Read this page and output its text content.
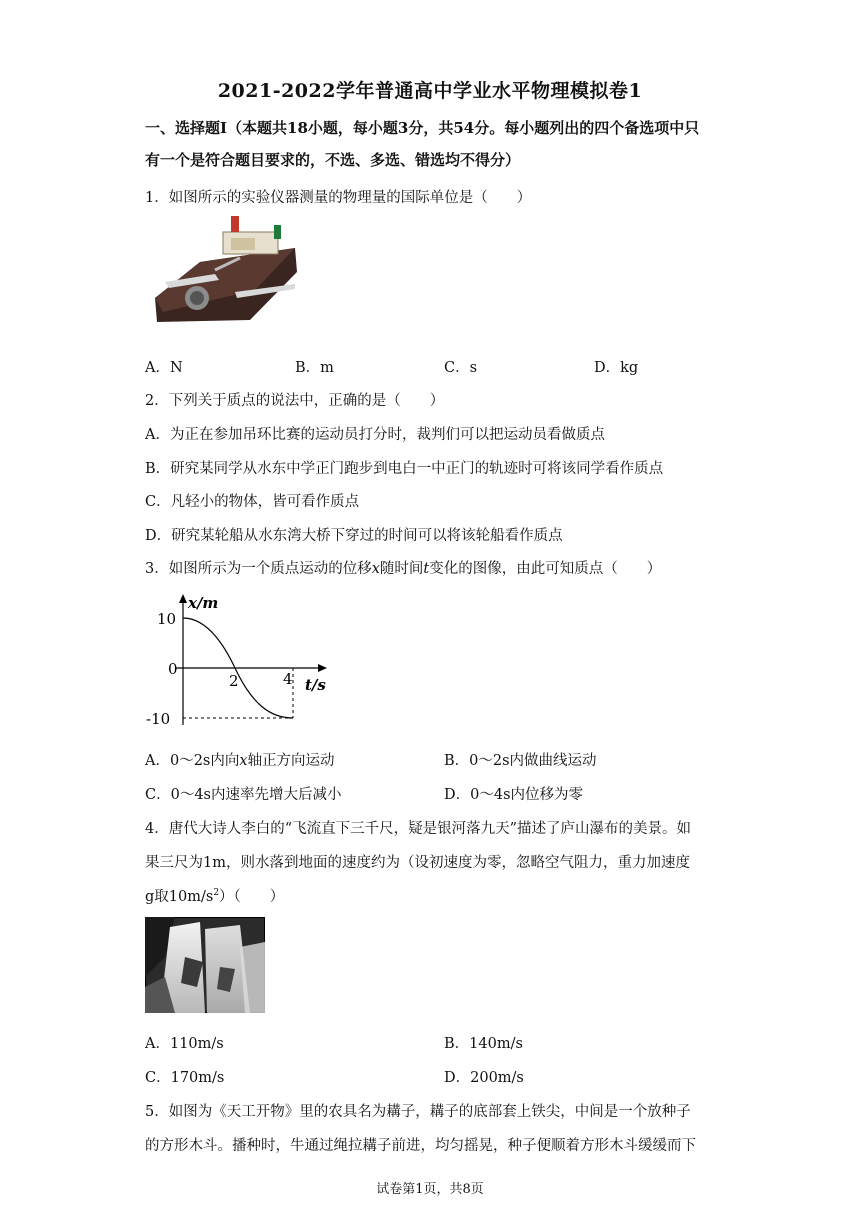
2021-2022学年普通高中学业水平物理模拟卷1
一、选择题Ⅰ（本题共18小题，每小题3分，共54分。每小题列出的四个备选项中只
有一个是符合题目要求的，不选、多选、错选均不得分）
1．如图所示的实验仪器测量的物理量的国际单位是（　　）
A．N	B．m	C．s	D．kg
2．下列关于质点的说法中，正确的是（　　）
A．为正在参加吊环比赛的运动员打分时，裁判们可以把运动员看做质点
B．研究某同学从水东中学正门跑步到电白一中正门的轨迹时可将该同学看作质点
C．凡轻小的物体，皆可看作质点
D．研究某轮船从水东湾大桥下穿过的时间可以将该轮船看作质点
3．如图所示为一个质点运动的位移x随时间t变化的图像，由此可知质点（　　）
x/m
t/s
10
0
-10
2	4
A．0～2s内向x轴正方向运动	B．0～2s内做曲线运动
C．0～4s内速率先增大后减小	D．0～4s内位移为零
4．唐代大诗人李白的“飞流直下三千尺，疑是银河落九天”描述了庐山瀑布的美景。如
果三尺为1m，则水落到地面的速度约为（设初速度为零，忽略空气阻力，重力加速度
g取$10m/s^2$）（　　）
A．110m/s	B．140m/s
C．170m/s	D．200m/s
5．如图为《天工开物》里的农具名为耩子，耩子的底部套上铁尖，中间是一个放种子
的方形木斗。播种时，牛通过绳拉耩子前进，均匀摇晃，种子便顺着方形木斗缓缓而下
试卷第1页，共8页
